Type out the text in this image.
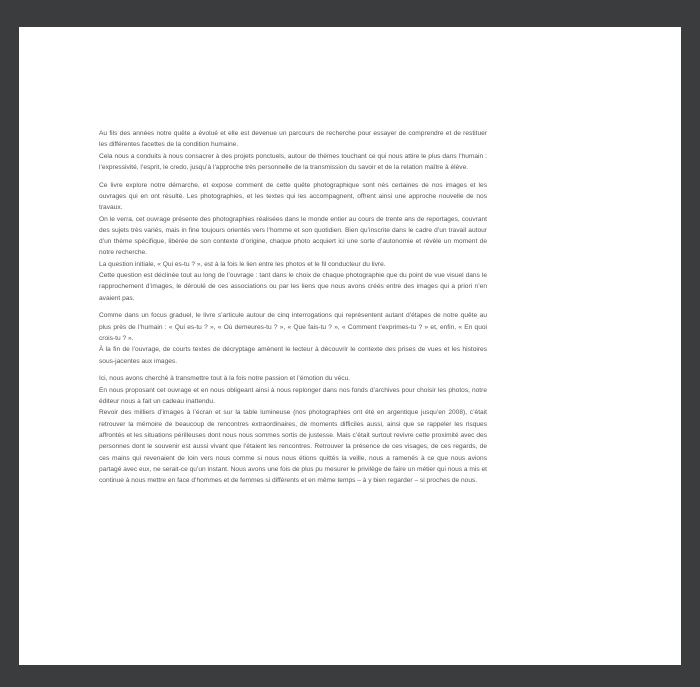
Au fils des années notre quête a évolué et elle est devenue un parcours de recherche pour essayer de comprendre et de restituer les différentes facettes de la condition humaine.
Cela nous a conduits à nous consacrer à des projets ponctuels, autour de thèmes touchant ce qui nous attire le plus dans l’humain : l’expressivité, l’esprit, le credo, jusqu’à l’approche très personnelle de la transmission du savoir et de la relation maître à élève.

Ce livre explore notre démarche, et expose comment de cette quête photographique sont nés certaines de nos images et les ouvrages qui en ont résulté. Les photographies, et les textes qui les accompagnent, offrent ainsi une approche nouvelle de nos travaux.
On le verra, cet ouvrage présente des photographies réalisées dans le monde entier au cours de trente ans de reportages, couvrant des sujets très variés, mais in fine toujours orientés vers l’homme et son quotidien. Bien qu’inscrite dans le cadre d’un travail autour d’un thème spécifique, libérée de son contexte d’origine, chaque photo acquiert ici une sorte d’autonomie et révèle un moment de notre recherche.
La question initiale, « Qui es-tu ? », est à la fois le lien entre les photos et le fil conducteur du livre.
Cette question est déclinée tout au long de l’ouvrage : tant dans le choix de chaque photographie que du point de vue visuel dans le rapprochement d’images, le déroulé de ces associations ou par les liens que nous avons créés entre des images qui a priori n’en avaient pas.

Comme dans un focus graduel, le livre s’articule autour de cinq interrogations qui représentent autant d’étapes de notre quête au plus près de l’humain : « Qui es-tu ? », « Où demeures-tu ? », « Que fais-tu ? », « Comment t’exprimes-tu ? » et, enfin, « En quoi crois-tu ? ».
À la fin de l’ouvrage, de courts textes de décryptage amènent le lecteur à découvrir le contexte des prises de vues et les histoires sous-jacentes aux images.

Ici, nous avons cherché à transmettre tout à la fois notre passion et l’émotion du vécu.
En nous proposant cet ouvrage et en nous obligeant ainsi à nous replonger dans nos fonds d’archives pour choisir les photos, notre éditeur nous a fait un cadeau inattendu.
Revoir des milliers d’images à l’écran et sur la table lumineuse (nos photographies ont été en argentique jusqu’en 2008), c’était retrouver la mémoire de beaucoup de rencontres extraordinaires, de moments difficiles aussi, ainsi que se rappeler les risques affrontés et les situations périlleuses dont nous nous sommes sortis de justesse. Mais c’était surtout revivre cette proximité avec des personnes dont le souvenir est aussi vivant que l’étaient les rencontres. Retrouver la présence de ces visages, de ces regards, de ces mains qui revenaient de loin vers nous comme si nous nous étions quittés la veille, nous a ramenés à ce que nous avions partagé avec eux, ne serait-ce qu’un instant. Nous avons une fois de plus pu mesurer le privilège de faire un métier qui nous a mis et continue à nous mettre en face d’hommes et de femmes si différents et en même temps – à y bien regarder – si proches de nous.
